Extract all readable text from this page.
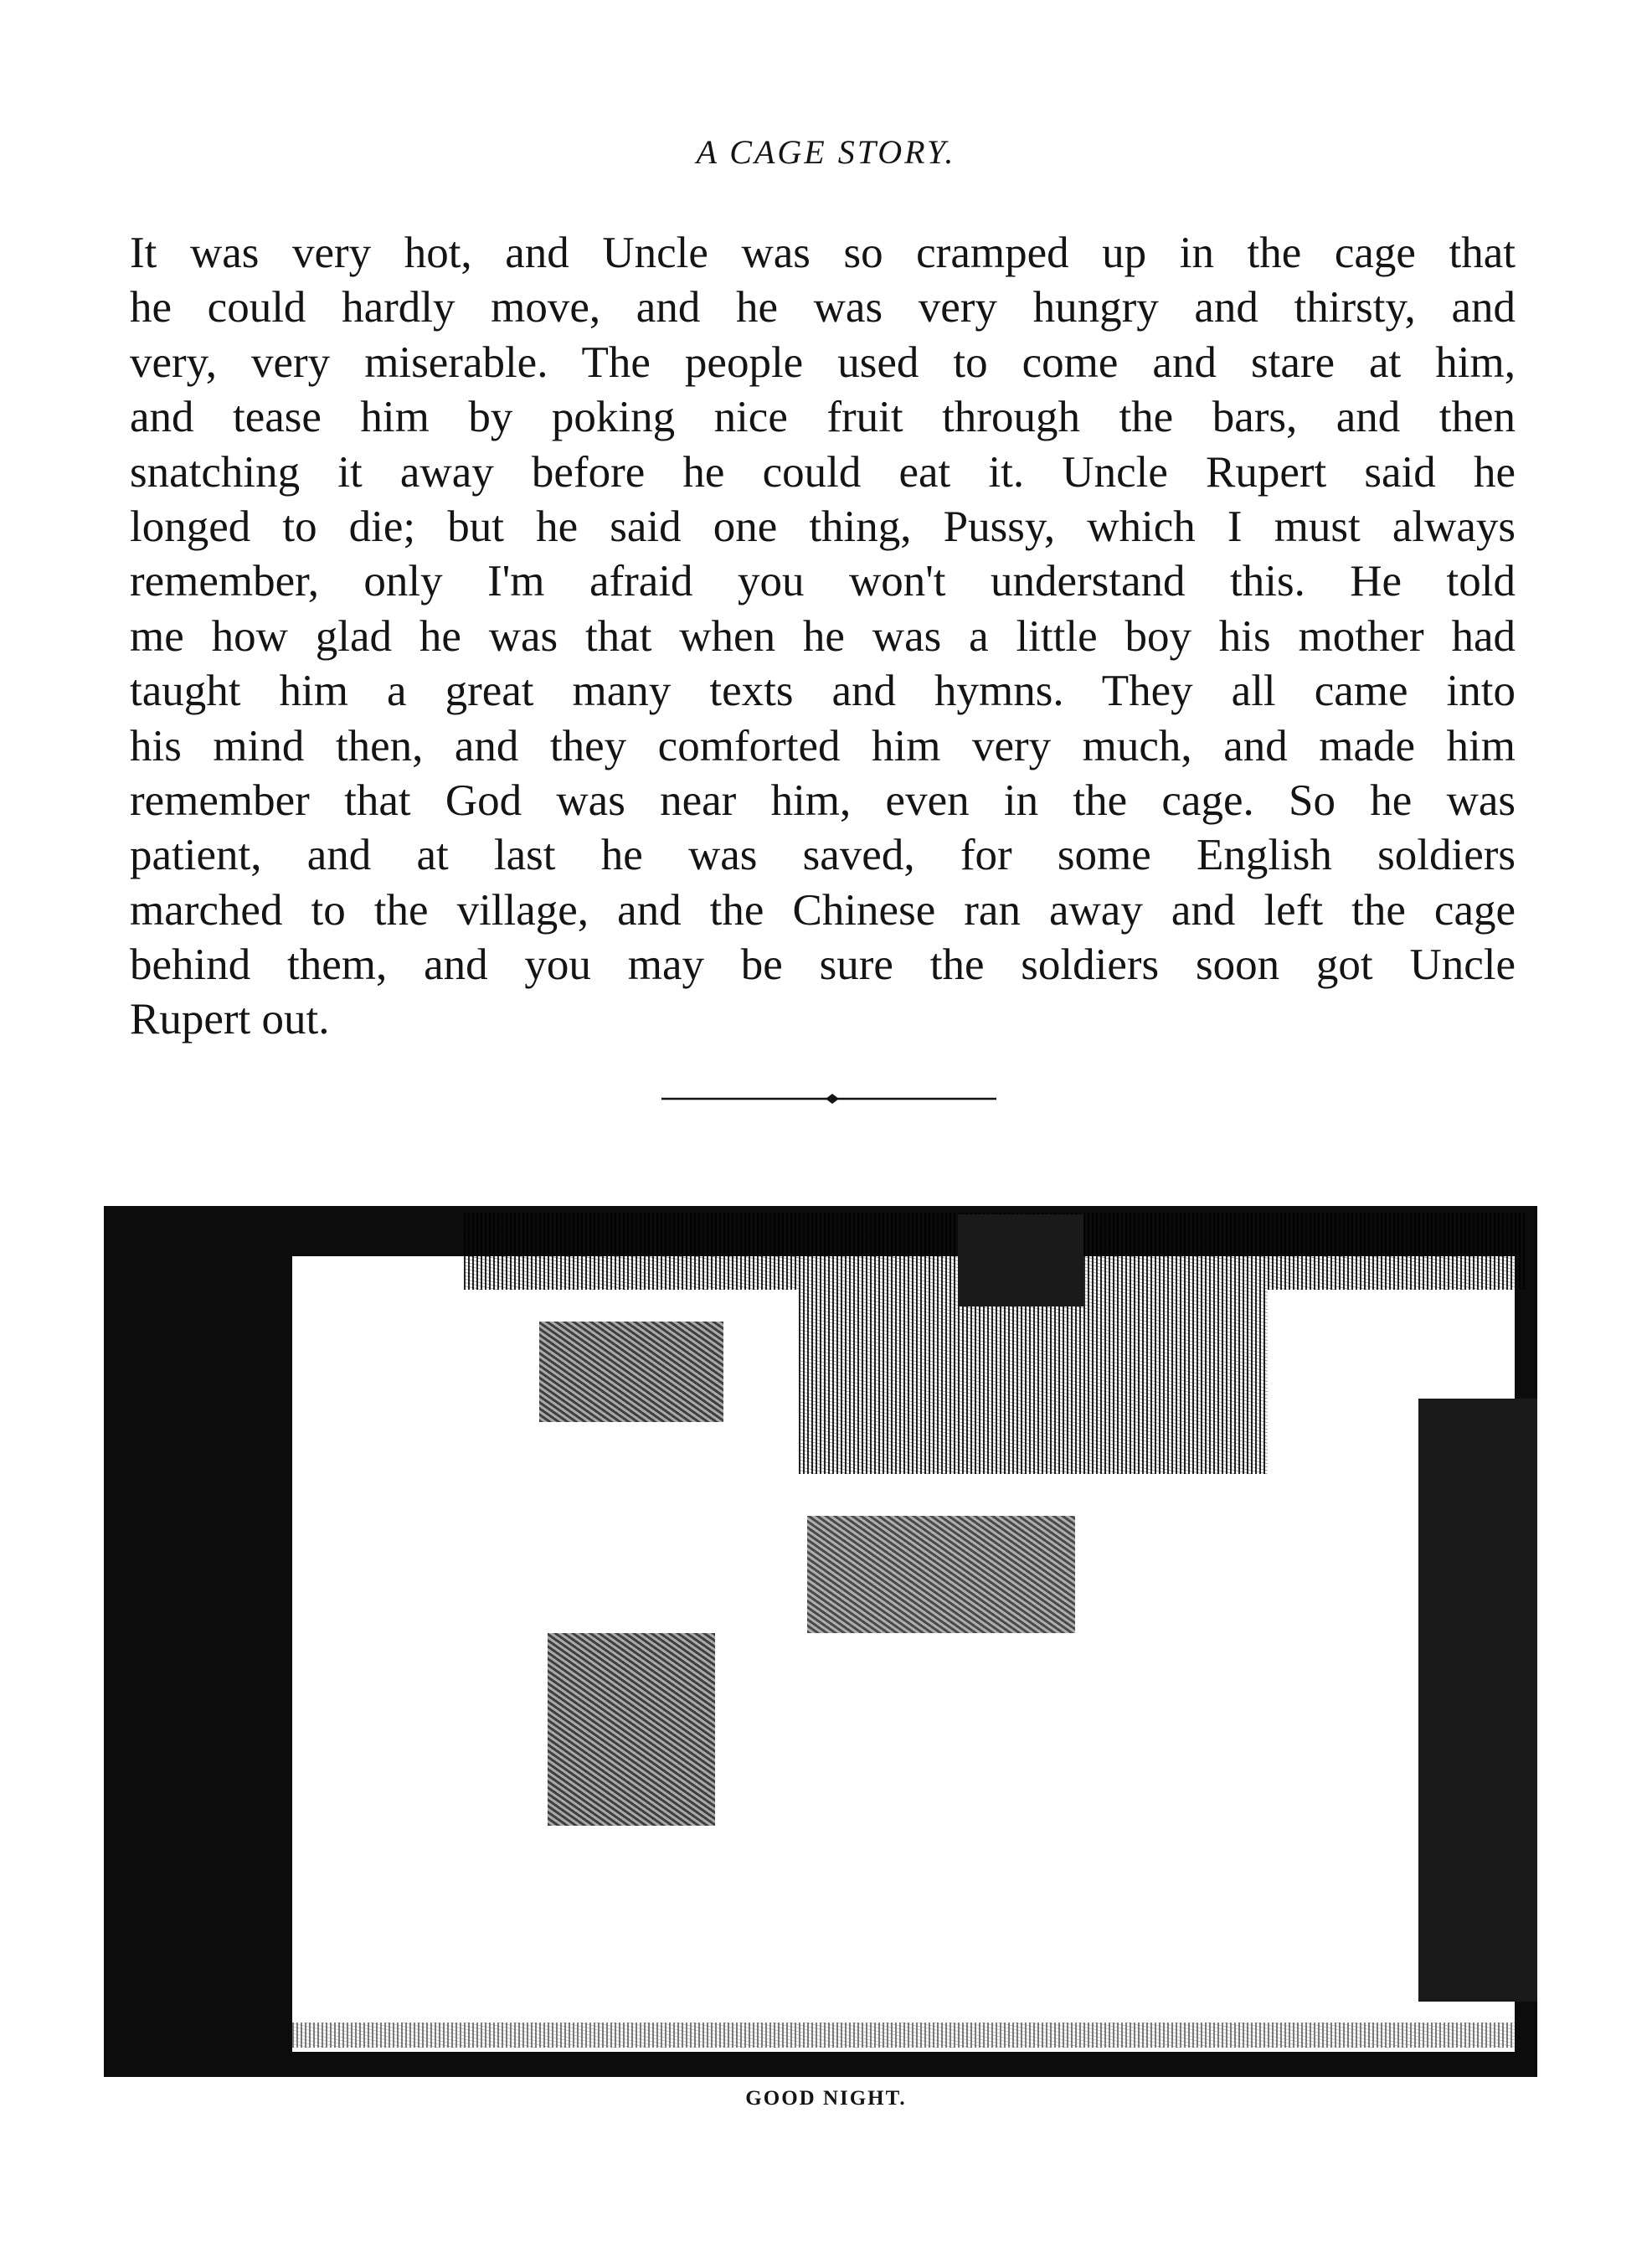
A CAGE STORY.
It was very hot, and Uncle was so cramped up in the cage that
he could hardly move, and he was very hungry and thirsty, and
very, very miserable. The people used to come and stare at him,
and tease him by poking nice fruit through the bars, and then
snatching it away before he could eat it. Uncle Rupert said he
longed to die; but he said one thing, Pussy, which I must always
remember, only I'm afraid you won't understand this. He told
me how glad he was that when he was a little boy his mother had
taught him a great many texts and hymns. They all came into
his mind then, and they comforted him very much, and made him
remember that God was near him, even in the cage. So he was
patient, and at last he was saved, for some English soldiers
marched to the village, and the Chinese ran away and left the cage
behind them, and you may be sure the soldiers soon got Uncle
Rupert out.
GOOD NIGHT.
